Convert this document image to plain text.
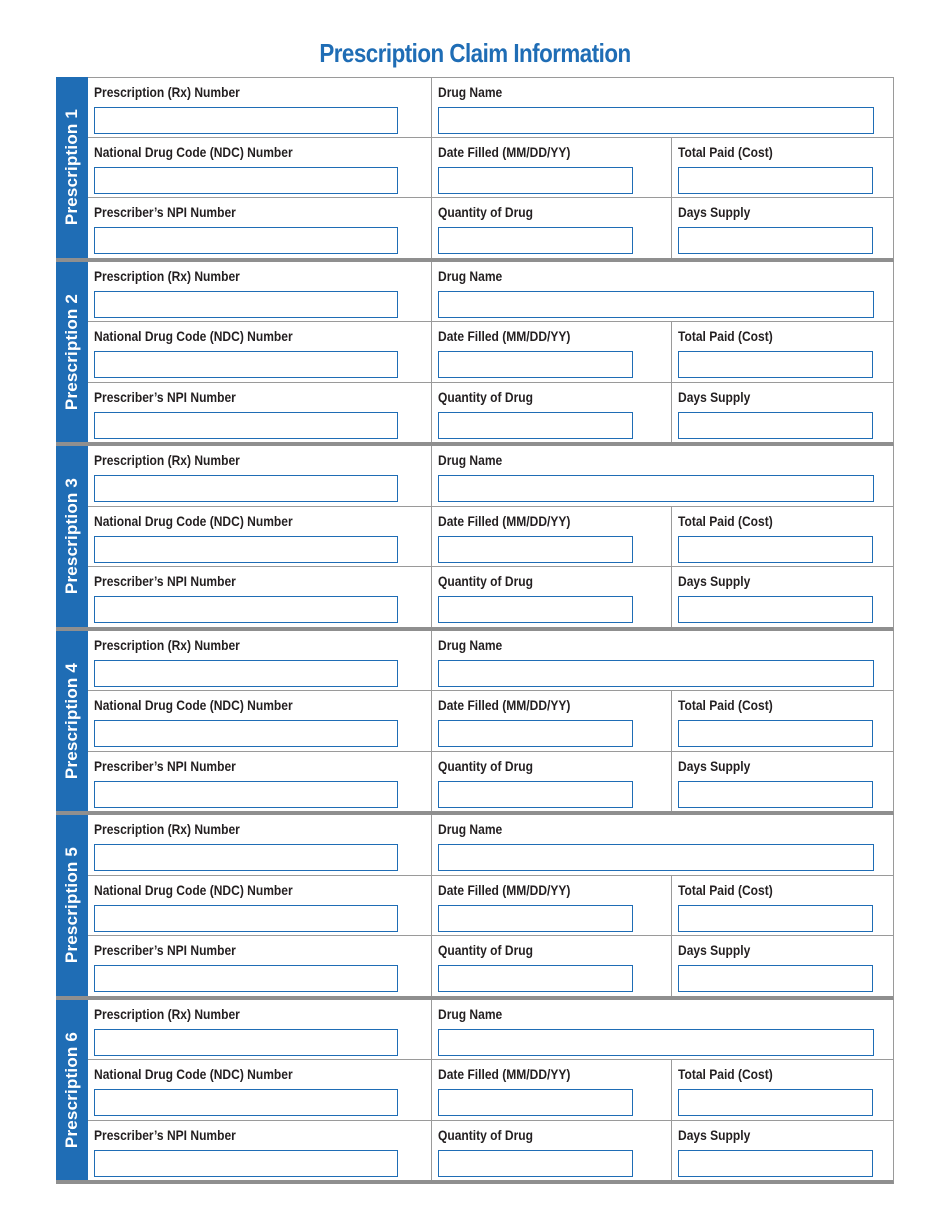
Prescription Claim Information
Prescription 1
Prescription (Rx) Number	Drug Name
National Drug Code (NDC) Number	Date Filled (MM/DD/YY)	Total Paid (Cost)
Prescriber’s NPI Number	Quantity of Drug	Days Supply
Prescription 2
Prescription (Rx) Number	Drug Name
National Drug Code (NDC) Number	Date Filled (MM/DD/YY)	Total Paid (Cost)
Prescriber’s NPI Number	Quantity of Drug	Days Supply
Prescription 3
Prescription (Rx) Number	Drug Name
National Drug Code (NDC) Number	Date Filled (MM/DD/YY)	Total Paid (Cost)
Prescriber’s NPI Number	Quantity of Drug	Days Supply
Prescription 4
Prescription (Rx) Number	Drug Name
National Drug Code (NDC) Number	Date Filled (MM/DD/YY)	Total Paid (Cost)
Prescriber’s NPI Number	Quantity of Drug	Days Supply
Prescription 5
Prescription (Rx) Number	Drug Name
National Drug Code (NDC) Number	Date Filled (MM/DD/YY)	Total Paid (Cost)
Prescriber’s NPI Number	Quantity of Drug	Days Supply
Prescription 6
Prescription (Rx) Number	Drug Name
National Drug Code (NDC) Number	Date Filled (MM/DD/YY)	Total Paid (Cost)
Prescriber’s NPI Number	Quantity of Drug	Days Supply
